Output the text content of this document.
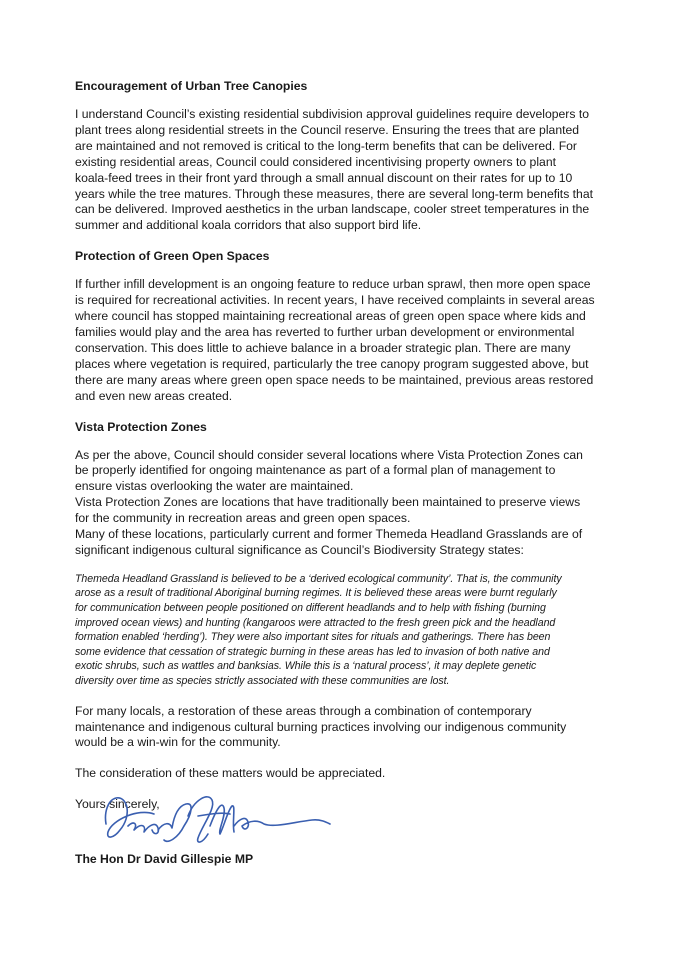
Encouragement of Urban Tree Canopies

I understand Council’s existing residential subdivision approval guidelines require developers to
plant trees along residential streets in the Council reserve. Ensuring the trees that are planted
are maintained and not removed is critical to the long-term benefits that can be delivered. For
existing residential areas, Council could considered incentivising property owners to plant
koala-feed trees in their front yard through a small annual discount on their rates for up to 10
years while the tree matures. Through these measures, there are several long-term benefits that
can be delivered. Improved aesthetics in the urban landscape, cooler street temperatures in the
summer and additional koala corridors that also support bird life.

Protection of Green Open Spaces

If further infill development is an ongoing feature to reduce urban sprawl, then more open space
is required for recreational activities. In recent years, I have received complaints in several areas
where council has stopped maintaining recreational areas of green open space where kids and
families would play and the area has reverted to further urban development or environmental
conservation. This does little to achieve balance in a broader strategic plan. There are many
places where vegetation is required, particularly the tree canopy program suggested above, but
there are many areas where green open space needs to be maintained, previous areas restored
and even new areas created.

Vista Protection Zones

As per the above, Council should consider several locations where Vista Protection Zones can
be properly identified for ongoing maintenance as part of a formal plan of management to
ensure vistas overlooking the water are maintained.
Vista Protection Zones are locations that have traditionally been maintained to preserve views
for the community in recreation areas and green open spaces.
Many of these locations, particularly current and former Themeda Headland Grasslands are of
significant indigenous cultural significance as Council’s Biodiversity Strategy states:

Themeda Headland Grassland is believed to be a ‘derived ecological community’. That is, the community
arose as a result of traditional Aboriginal burning regimes. It is believed these areas were burnt regularly
for communication between people positioned on different headlands and to help with fishing (burning
improved ocean views) and hunting (kangaroos were attracted to the fresh green pick and the headland
formation enabled ‘herding’). They were also important sites for rituals and gatherings. There has been
some evidence that cessation of strategic burning in these areas has led to invasion of both native and
exotic shrubs, such as wattles and banksias. While this is a ‘natural process’, it may deplete genetic
diversity over time as species strictly associated with these communities are lost.

For many locals, a restoration of these areas through a combination of contemporary
maintenance and indigenous cultural burning practices involving our indigenous community
would be a win-win for the community.

The consideration of these matters would be appreciated.

Yours sincerely,

The Hon Dr David Gillespie MP
